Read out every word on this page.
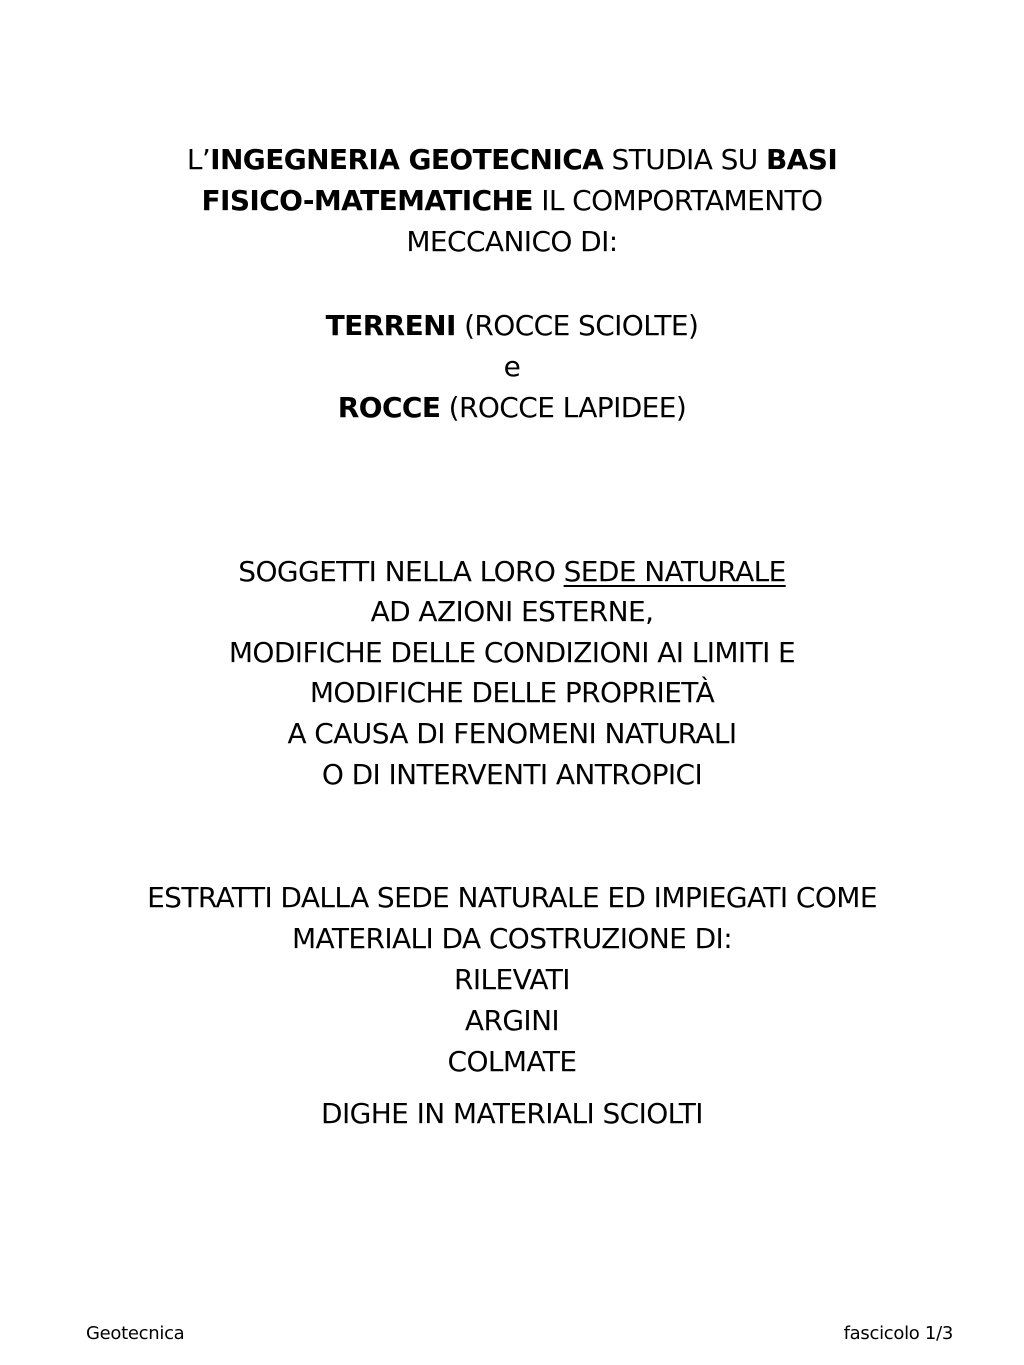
L’INGEGNERIA GEOTECNICA STUDIA SU BASI
FISICO-MATEMATICHE IL COMPORTAMENTO
MECCANICO DI:
TERRENI (ROCCE SCIOLTE)
e
ROCCE (ROCCE LAPIDEE)
SOGGETTI NELLA LORO SEDE NATURALE
AD AZIONI ESTERNE,
MODIFICHE DELLE CONDIZIONI AI LIMITI E
MODIFICHE DELLE PROPRIETÀ
A CAUSA DI FENOMENI NATURALI
O DI INTERVENTI ANTROPICI
ESTRATTI DALLA SEDE NATURALE ED IMPIEGATI COME
MATERIALI DA COSTRUZIONE DI:
RILEVATI
ARGINI
COLMATE
DIGHE IN MATERIALI SCIOLTI
Geotecnica	fascicolo 1/3
